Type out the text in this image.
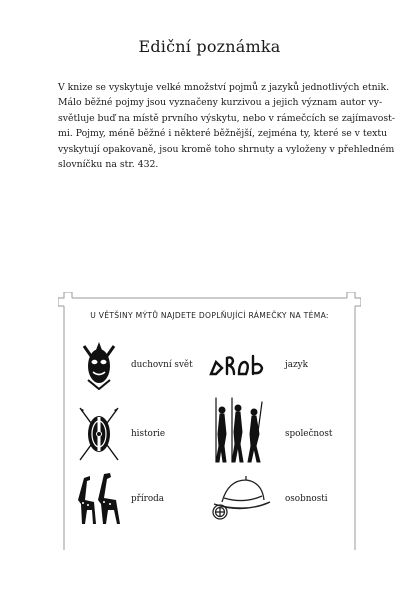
Ediční poznámka
V knize se vyskytuje velké množství pojmů z jazyků jednotlivých etnik.
Málo běžné pojmy jsou vyznačeny kurzivou a jejich význam autor vy-
světluje buď na místě prvního výskytu, nebo v rámečcích se zajímavost-
mi. Pojmy, méně běžné i některé běžnější, zejména ty, které se v textu
vyskytují opakovaně, jsou kromě toho shrnuty a vyloženy v přehledném
slovníčku na str. 432.
U VĚTŠINY MÝTŮ NAJDETE DOPLŇUJÍCÍ RÁMEČKY NA TÉMA:
duchovní svět	jazyk
historie	společnost
příroda	osobnosti
